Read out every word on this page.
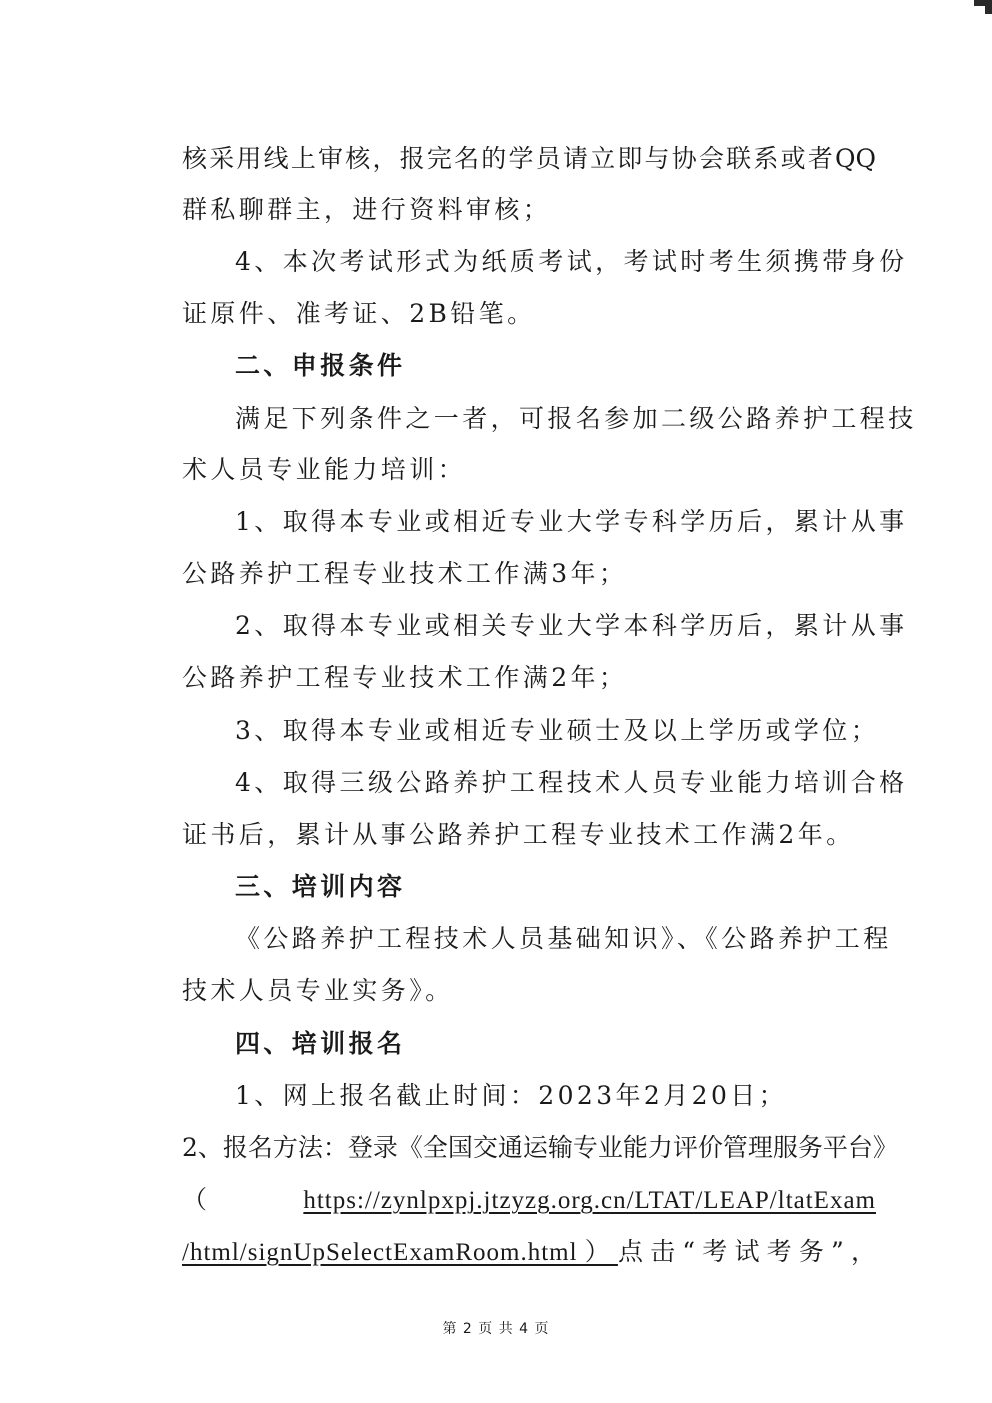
核采用线上审核，报完名的学员请立即与协会联系或者QQ
群私聊群主，进行资料审核；
4、本次考试形式为纸质考试，考试时考生须携带身份
证原件、准考证、2B铅笔。
二、申报条件
满足下列条件之一者，可报名参加二级公路养护工程技
术人员专业能力培训：
1、取得本专业或相近专业大学专科学历后，累计从事
公路养护工程专业技术工作满3年；
2、取得本专业或相关专业大学本科学历后，累计从事
公路养护工程专业技术工作满2年；
3、取得本专业或相近专业硕士及以上学历或学位；
4、取得三级公路养护工程技术人员专业能力培训合格
证书后，累计从事公路养护工程专业技术工作满2年。
三、培训内容
《公路养护工程技术人员基础知识》、《公路养护工程
技术人员专业实务》。
四、培训报名
1、网上报名截止时间：2023年2月20日；
2、报名方法：登录《全国交通运输专业能力评价管理服务平台》
（ https://zynlpxpj.jtzyzg.org.cn/LTAT/LEAP/ltatExam
/html/signUpSelectExamRoom.html）点击“考试考务”，
第 2 页 共 4 页
